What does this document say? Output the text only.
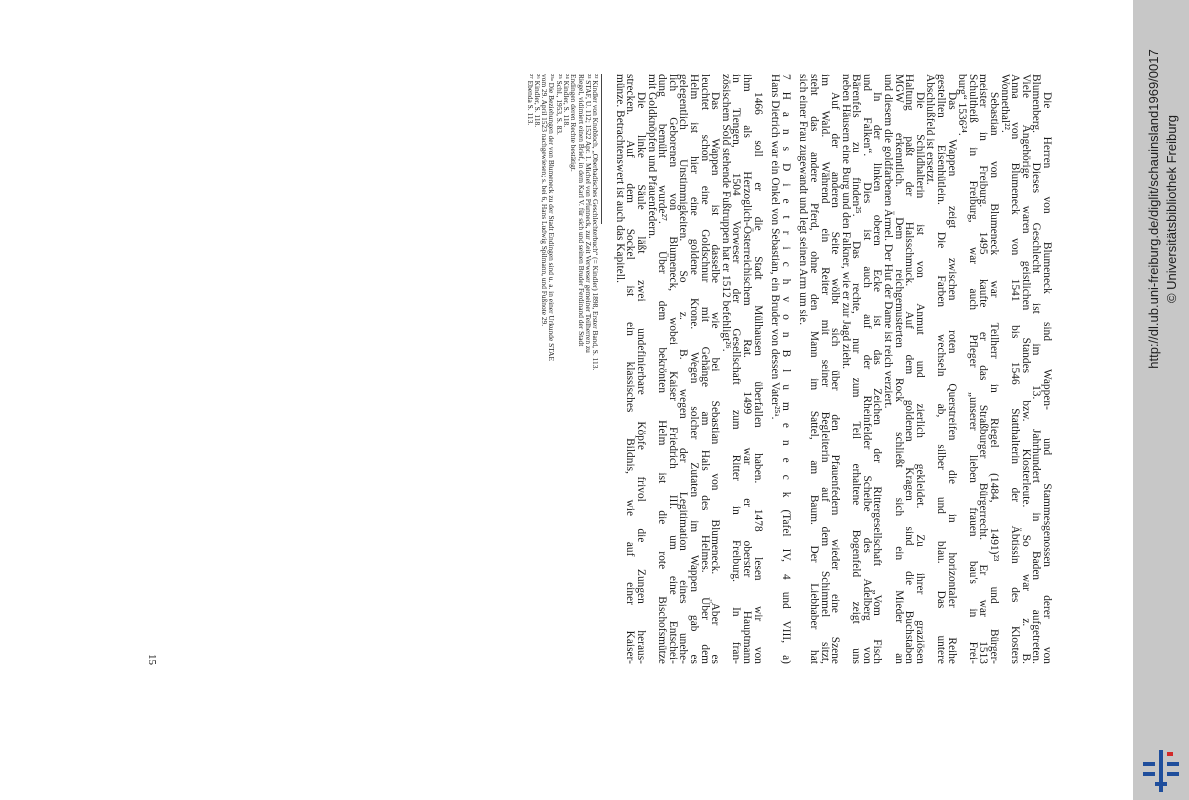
Die Herren von Blumeneck sind Wappen- und Stammesgenossen derer von
Blumenberg. Dieses Geschlecht ist im 13. Jahrhundert in Baden aufgetreten.
Viele Angehörige waren geistlichen Standes bzw. Klosterleute. So war z. B.
Anna von Blumeneck von 1541 bis 1546 Statthalterin der Äbtissin des Klosters
Wonnethal²².

Sebastian von Blumeneck war Teilherr in Riegel (1484, 1491)²³ und Bürger-
meister in Freiburg. 1495 kaufte er das Straßburger Bürgerrecht. Er war 1513
Schultheiß in Freiburg, war auch Pfleger „unserer lieben frauen bau's in Frei-
burg“ 1536²⁴.

Das Wappen zeigt zwischen roten Querstreifen die in horizontaler Reihe
gestellten Eisenhütlein. Die Farben wechseln ab, silber und blau. Das untere
Abschlußfeld ist ersetzt.

Die Schildhalterin ist von Anmut und zierlich gekleidet. Zu ihrer graziösen
Haltung paßt der Halsschmuck. Auf dem goldenen Kragen sind die Buchstaben
MGW erkenntlich. Dem reichgemusterten Rock schließt sich ein Mieder an
und diesem die goldfarbenen Ärmel. Der Hut der Dame ist reich verziert.

In der linken oberen Ecke ist das Zeichen der Rittergesellschaft „Vom Fisch
und Falken“. Dies ist auch auf der Rheinfelder Scheibe des Adelberg von
Bärenfels zu finden²⁵. Das rechte, nur zum Teil erhaltene Bogenfeld zeigt uns
neben Häusern eine Burg und den Falkner, wie er zur Jagd zieht.

Auf der anderen Seite wölbt sich über den Pfauenfedern wieder eine Szene
im Wald. Während ein Reiter mit seiner Begleiterin auf dem Schimmel sitzt,
steht das andere Pferd, ohne den Mann im Sattel, am Baum. Der Liebhaber hat
sich einer Frau zugewandt und legt seinen Arm um sie.

7 H a n s D i e t r i c h v o n B l u m e n e c k (Tafel IV, 4 und VIII, a)
Hans Dietrich war ein Onkel von Sebastian, ein Bruder von dessen Vater²⁵ᵃ.

1466 soll er die Stadt Mülhausen überfallen haben. 1478 lesen wir von
ihm als Herzoglich-Österreichischem Rat. 1499 war er oberster Hauptmann
in Tiengen, 1504 Vorweser der Gesellschaft zum Ritter in Freiburg. In fran-
zösischem Sold stehende Fußtruppen hat er 1512 befehligt²⁶.

Das Wappen ist dasselbe wie bei Sebastian von Blumeneck. Aber es
leuchtet schon eine Goldschnur mit Gehänge am Hals des Helmes. Über dem
Helm ist hier eine goldene Krone. Wegen solcher Zutaten im Wappen gab es
gelegentlich Unstimmigkeiten. So z. B. wegen der Legitimation eines unehe-
lich Geborenen von Blumeneck, wobei Kaiser Friedrich III. um eine Entschei-
dung bemüht wurde²⁷. Über dem bekrönten Helm ist die rote Bischofsmütze
mit Goldknöpfen und Pfauenfedern.

Die linke Säule läßt zwei undefinierbare Köpfe frivol die Zungen heraus-
strecken. Auf dem Sockel ist ein klassisches Bildnis, wie auf einer Kaiser-
münze. Betrachtenswert ist auch das Kapitell.

²² Kindler von Knobloch, „Oberbadisches Geschlechterbuch“ (= Kindler) 1898, Erster Band, S. 113.
²³ STAF, U. 112; 1522 Apr. 1. Michel von Pfunneck, zur Zeit Verweser gemeiner Teilherren zu
Riegel, vidimiert einen Brief, in dem Karl V. für sich und seinen Bruder Ferdinand der Stadt
Endingen deren Rechte bestätigt.
²⁴ Kindler, S. 118.
²⁵ Schl., 1953, S. 83.
²⁵ᵃ Die Beziehungen der von Blumeneck zu der Stadt Endingen sind u. a. in einer Urkunde STAE
vom 29. April 1523 nachgewiesen; s. bei 6, Hans Ludwig Spilmann, und Fußnote 29.
²⁶ Kindler, S. 118.
²⁷ Ebenda S. 113.
15
http://dl.ub.uni-freiburg.de/diglit/schauinsland1969/0017 © Universitätsbibliothek Freiburg
